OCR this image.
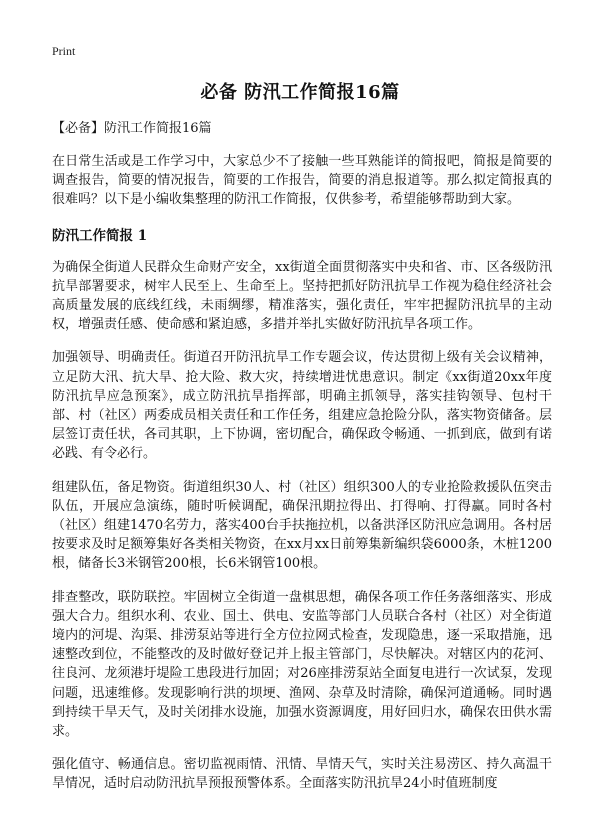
Print
必备 防汛工作简报16篇
【必备】防汛工作简报16篇

在日常生活或是工作学习中，大家总少不了接触一些耳熟能详的简报吧，简报是简要的调查报告，简要的情况报告，简要的工作报告，简要的消息报道等。那么拟定简报真的很难吗？以下是小编收集整理的防汛工作简报，仅供参考，希望能够帮助到大家。

防汛工作简报 1

为确保全街道人民群众生命财产安全，xx街道全面贯彻落实中央和省、市、区各级防汛抗旱部署要求，树牢人民至上、生命至上。坚持把抓好防汛抗旱工作视为稳住经济社会高质量发展的底线红线，未雨绸缪，精准落实，强化责任，牢牢把握防汛抗旱的主动权，增强责任感、使命感和紧迫感，多措并举扎实做好防汛抗旱各项工作。

加强领导、明确责任。街道召开防汛抗旱工作专题会议，传达贯彻上级有关会议精神，立足防大汛、抗大旱、抢大险、救大灾，持续增进忧患意识。制定《xx街道20xx年度防汛抗旱应急预案》，成立防汛抗旱指挥部，明确主抓领导，落实挂钩领导、包村干部、村（社区）两委成员相关责任和工作任务，组建应急抢险分队，落实物资储备。层层签订责任状，各司其职，上下协调，密切配合，确保政令畅通、一抓到底，做到有诺必践、有令必行。

组建队伍，备足物资。街道组织30人、村（社区）组织300人的专业抢险救援队伍突击队伍，开展应急演练，随时听候调配，确保汛期拉得出、打得响、打得赢。同时各村（社区）组建1470名劳力，落实400台手扶拖拉机，以备洪泽区防汛应急调用。各村居按要求及时足额筹集好各类相关物资，在xx月xx日前筹集新编织袋6000条，木桩1200根，储备长3米钢管200根，长6米钢管100根。

排查整改，联防联控。牢固树立全街道一盘棋思想，确保各项工作任务落细落实、形成强大合力。组织水利、农业、国土、供电、安监等部门人员联合各村（社区）对全街道境内的河堤、沟渠、排涝泵站等进行全方位拉网式检查，发现隐患，逐一采取措施，迅速整改到位，不能整改的及时做好登记并上报主管部门，尽快解决。对辖区内的花河、往良河、龙须港圩堤险工患段进行加固；对26座排涝泵站全面复电进行一次试泵，发现问题，迅速维修。发现影响行洪的坝埂、渔网、杂草及时清除，确保河道通畅。同时遇到持续干旱天气，及时关闭排水设施，加强水资源调度，用好回归水，确保农田供水需求。

强化值守、畅通信息。密切监视雨情、汛情、旱情天气，实时关注易涝区、持久高温干旱情况，适时启动防汛抗旱预报预警体系。全面落实防汛抗旱24小时值班制度
